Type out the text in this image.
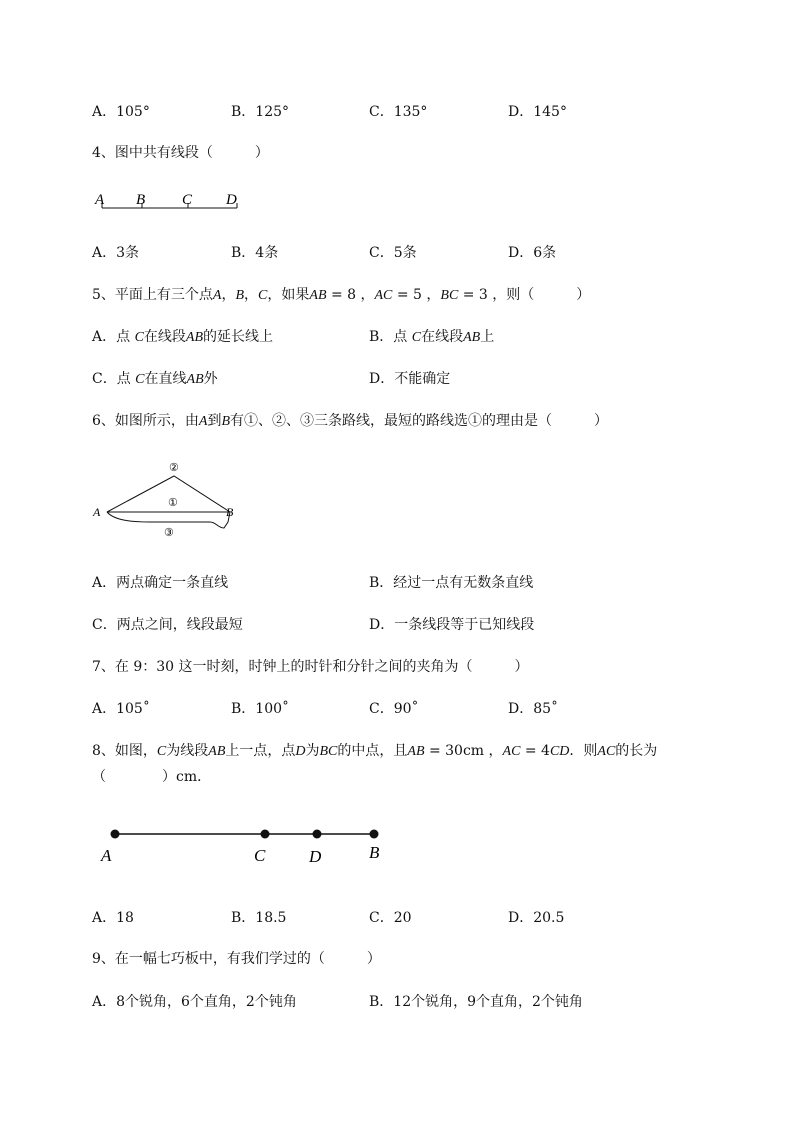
A．105°	B．125°	C．135°	D．145°
4、图中共有线段（　　　）
A B C D
A．3条	B．4条	C．5条	D．6条
5、平面上有三个点A，B，C，如果AB = 8 ，AC = 5 ，BC = 3 ，则（　　　）
A．点 C在线段AB的延长线上	B．点 C在线段AB上
C．点 C在直线AB外	D．不能确定
6、如图所示，由A到B有①、②、③三条路线，最短的路线选①的理由是（　　　）
A	B
②
①
③
A．两点确定一条直线	B．经过一点有无数条直线
C．两点之间，线段最短	D．一条线段等于已知线段
7、在 9：30 这一时刻，时钟上的时针和分针之间的夹角为（　　　）
A．105˚	B．100˚	C．90˚	D．85˚
8、如图，C为线段AB上一点，点D为BC的中点，且AB = 30cm ，AC = 4CD．则AC的长为
（　　　　）cm．
A	C	D	B
A．18	B．18.5	C．20	D．20.5
9、在一幅七巧板中，有我们学过的（　　　）
A．8个锐角，6个直角，2个钝角	B．12个锐角，9个直角，2个钝角
